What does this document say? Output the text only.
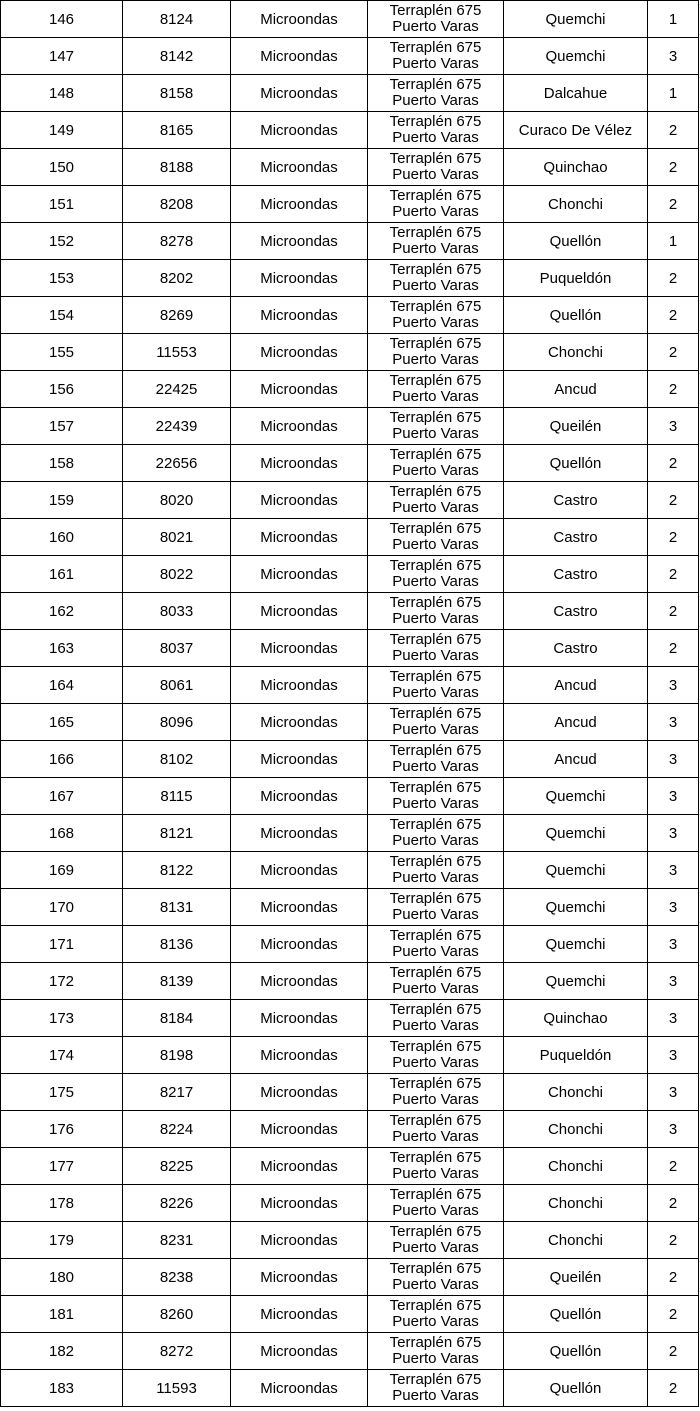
146	8124	Microondas	Terraplén 675
Puerto Varas	Quemchi	1
147	8142	Microondas	Terraplén 675
Puerto Varas	Quemchi	3
148	8158	Microondas	Terraplén 675
Puerto Varas	Dalcahue	1
149	8165	Microondas	Terraplén 675
Puerto Varas	Curaco De Vélez	2
150	8188	Microondas	Terraplén 675
Puerto Varas	Quinchao	2
151	8208	Microondas	Terraplén 675
Puerto Varas	Chonchi	2
152	8278	Microondas	Terraplén 675
Puerto Varas	Quellón	1
153	8202	Microondas	Terraplén 675
Puerto Varas	Puqueldón	2
154	8269	Microondas	Terraplén 675
Puerto Varas	Quellón	2
155	11553	Microondas	Terraplén 675
Puerto Varas	Chonchi	2
156	22425	Microondas	Terraplén 675
Puerto Varas	Ancud	2
157	22439	Microondas	Terraplén 675
Puerto Varas	Queilén	3
158	22656	Microondas	Terraplén 675
Puerto Varas	Quellón	2
159	8020	Microondas	Terraplén 675
Puerto Varas	Castro	2
160	8021	Microondas	Terraplén 675
Puerto Varas	Castro	2
161	8022	Microondas	Terraplén 675
Puerto Varas	Castro	2
162	8033	Microondas	Terraplén 675
Puerto Varas	Castro	2
163	8037	Microondas	Terraplén 675
Puerto Varas	Castro	2
164	8061	Microondas	Terraplén 675
Puerto Varas	Ancud	3
165	8096	Microondas	Terraplén 675
Puerto Varas	Ancud	3
166	8102	Microondas	Terraplén 675
Puerto Varas	Ancud	3
167	8115	Microondas	Terraplén 675
Puerto Varas	Quemchi	3
168	8121	Microondas	Terraplén 675
Puerto Varas	Quemchi	3
169	8122	Microondas	Terraplén 675
Puerto Varas	Quemchi	3
170	8131	Microondas	Terraplén 675
Puerto Varas	Quemchi	3
171	8136	Microondas	Terraplén 675
Puerto Varas	Quemchi	3
172	8139	Microondas	Terraplén 675
Puerto Varas	Quemchi	3
173	8184	Microondas	Terraplén 675
Puerto Varas	Quinchao	3
174	8198	Microondas	Terraplén 675
Puerto Varas	Puqueldón	3
175	8217	Microondas	Terraplén 675
Puerto Varas	Chonchi	3
176	8224	Microondas	Terraplén 675
Puerto Varas	Chonchi	3
177	8225	Microondas	Terraplén 675
Puerto Varas	Chonchi	2
178	8226	Microondas	Terraplén 675
Puerto Varas	Chonchi	2
179	8231	Microondas	Terraplén 675
Puerto Varas	Chonchi	2
180	8238	Microondas	Terraplén 675
Puerto Varas	Queilén	2
181	8260	Microondas	Terraplén 675
Puerto Varas	Quellón	2
182	8272	Microondas	Terraplén 675
Puerto Varas	Quellón	2
183	11593	Microondas	Terraplén 675
Puerto Varas	Quellón	2
